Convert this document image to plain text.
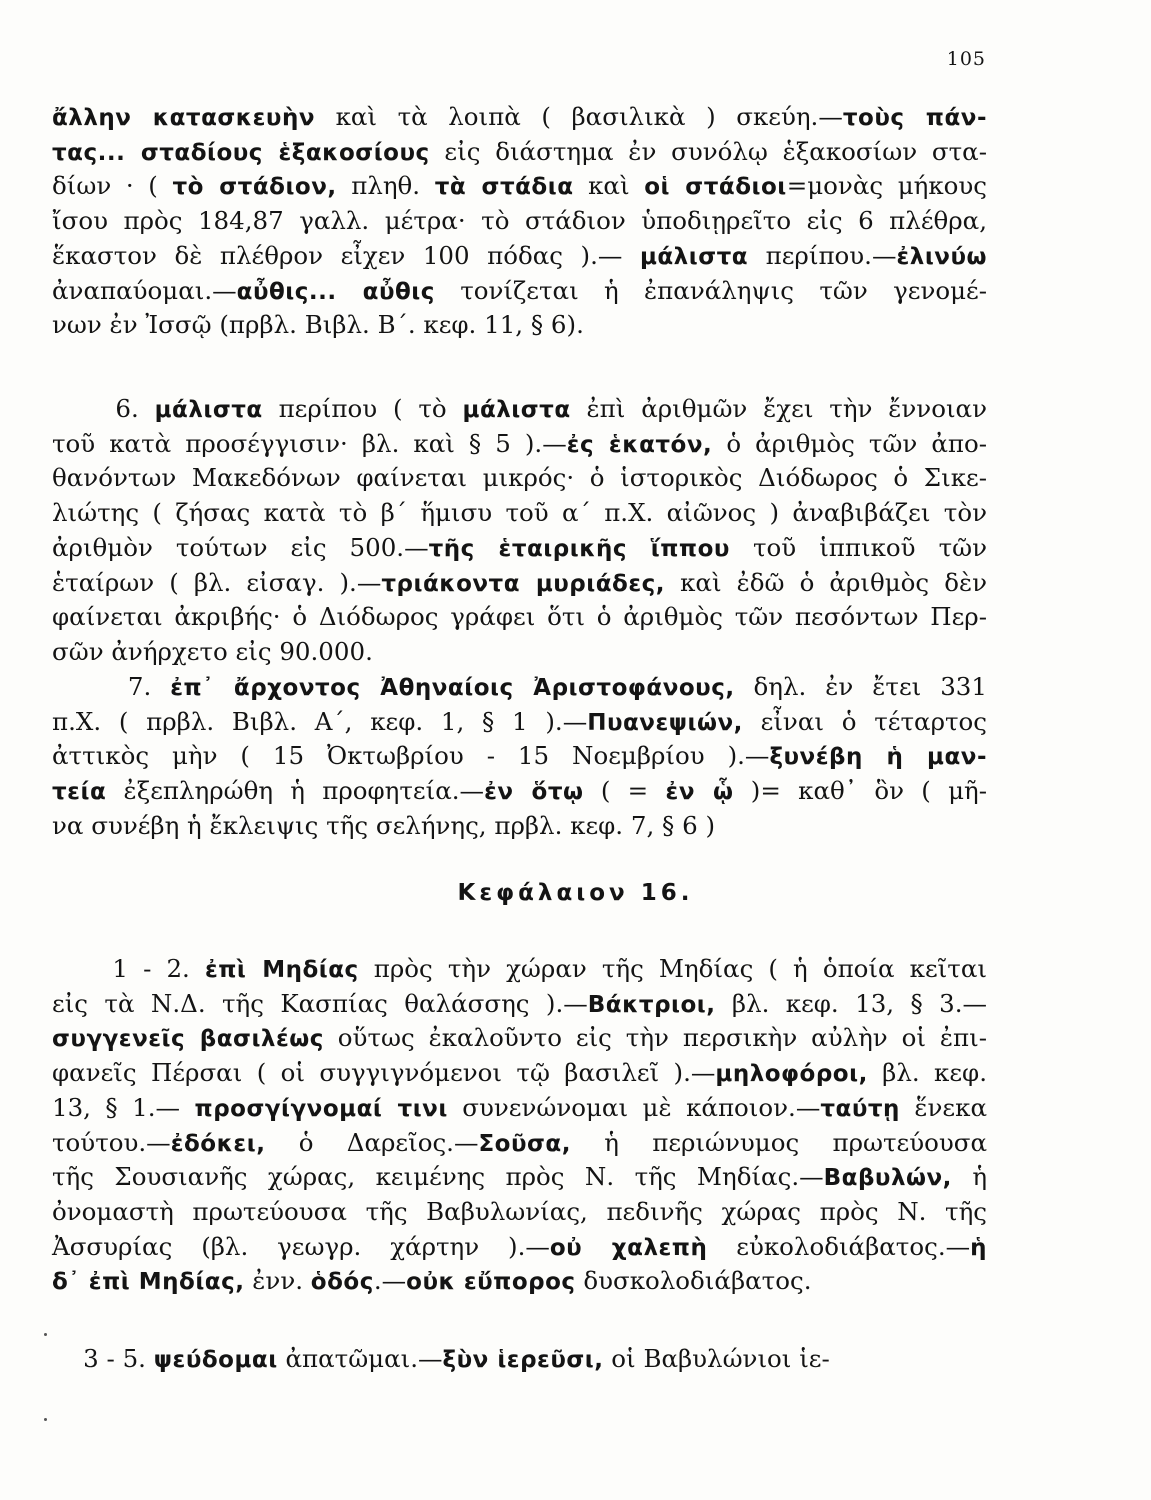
105
ἄλλην κατασκευὴν καὶ τὰ λοιπὰ ( βασιλικὰ ) σκεύη.—τοὺς πάν-
τας... σταδίους ἑξακοσίους εἰς διάστημα ἐν συνόλῳ ἑξακοσίων στα-
δίων · ( τὸ στάδιον, πληθ. τὰ στάδια καὶ οἱ στάδιοι=μονὰς μήκους
ἴσου πρὸς 184,87 γαλλ. μέτρα· τὸ στάδιον ὑποδιῃρεῖτο εἰς 6 πλέθρα,
ἕκαστον δὲ πλέθρον εἶχεν 100 πόδας ).— μάλιστα περίπου.—ἐλινύω
ἀναπαύομαι.—αὖθις... αὖθις τονίζεται ἡ ἐπανάληψις τῶν γενομέ-
νων ἐν Ἰσσῷ (πρβλ. Βιβλ. Β΄. κεφ. 11, § 6).
6. μάλιστα περίπου ( τὸ μάλιστα ἐπὶ ἀριθμῶν ἔχει τὴν ἔννοιαν
τοῦ κατὰ προσέγγισιν· βλ. καὶ § 5 ).—ἐς ἑκατόν, ὁ ἀριθμὸς τῶν ἀπο-
θανόντων Μακεδόνων φαίνεται μικρός· ὁ ἱστορικὸς Διόδωρος ὁ Σικε-
λιώτης ( ζήσας κατὰ τὸ β΄ ἥμισυ τοῦ α΄ π.Χ. αἰῶνος ) ἀναβιβάζει τὸν
ἀριθμὸν τούτων εἰς 500.—τῆς ἑταιρικῆς ἵππου τοῦ ἱππικοῦ τῶν
ἑταίρων ( βλ. εἰσαγ. ).—τριάκοντα μυριάδες, καὶ ἐδῶ ὁ ἀριθμὸς δὲν
φαίνεται ἀκριβής· ὁ Διόδωρος γράφει ὅτι ὁ ἀριθμὸς τῶν πεσόντων Περ-
σῶν ἀνήρχετο εἰς 90.000.
7. ἐπ᾿ ἄρχοντος Ἀθηναίοις Ἀριστοφάνους, δηλ. ἐν ἔτει 331
π.Χ. ( πρβλ. Βιβλ. Α΄, κεφ. 1, § 1 ).—Πυανεψιών, εἶναι ὁ τέταρτος
ἀττικὸς μὴν ( 15 Ὀκτωβρίου - 15 Νοεμβρίου ).—ξυνέβη ἡ μαν-
τεία ἐξεπληρώθη ἡ προφητεία.—ἐν ὅτῳ ( = ἐν ᾧ )= καθ᾿ ὃν ( μῆ-
να συνέβη ἡ ἔκλειψις τῆς σελήνης, πρβλ. κεφ. 7, § 6 )
Κεφάλαιον 16.
1 - 2. ἐπὶ Μηδίας πρὸς τὴν χώραν τῆς Μηδίας ( ἡ ὁποία κεῖται
εἰς τὰ Ν.Δ. τῆς Κασπίας θαλάσσης ).—Βάκτριοι, βλ. κεφ. 13, § 3.—
συγγενεῖς βασιλέως οὕτως ἐκαλοῦντο εἰς τὴν περσικὴν αὐλὴν οἱ ἐπι-
φανεῖς Πέρσαι ( οἱ συγγιγνόμενοι τῷ βασιλεῖ ).—μηλοφόροι, βλ. κεφ.
13, § 1.— προσγίγνομαί τινι συνενώνομαι μὲ κάποιον.—ταύτῃ ἕνεκα
τούτου.—ἐδόκει, ὁ Δαρεῖος.—Σοῦσα, ἡ περιώνυμος πρωτεύουσα
τῆς Σουσιανῆς χώρας, κειμένης πρὸς Ν. τῆς Μηδίας.—Βαβυλών, ἡ
ὀνομαστὴ πρωτεύουσα τῆς Βαβυλωνίας, πεδινῆς χώρας πρὸς Ν. τῆς
Ἀσσυρίας (βλ. γεωγρ. χάρτην ).—οὐ χαλεπὴ εὐκολοδιάβατος.—ἡ
δ᾿ ἐπὶ Μηδίας, ἐνν. ὁδός.—οὐκ εὔπορος δυσκολοδιάβατος.
3 - 5. ψεύδομαι ἀπατῶμαι.—ξὺν ἱερεῦσι, οἱ Βαβυλώνιοι ἱε-
